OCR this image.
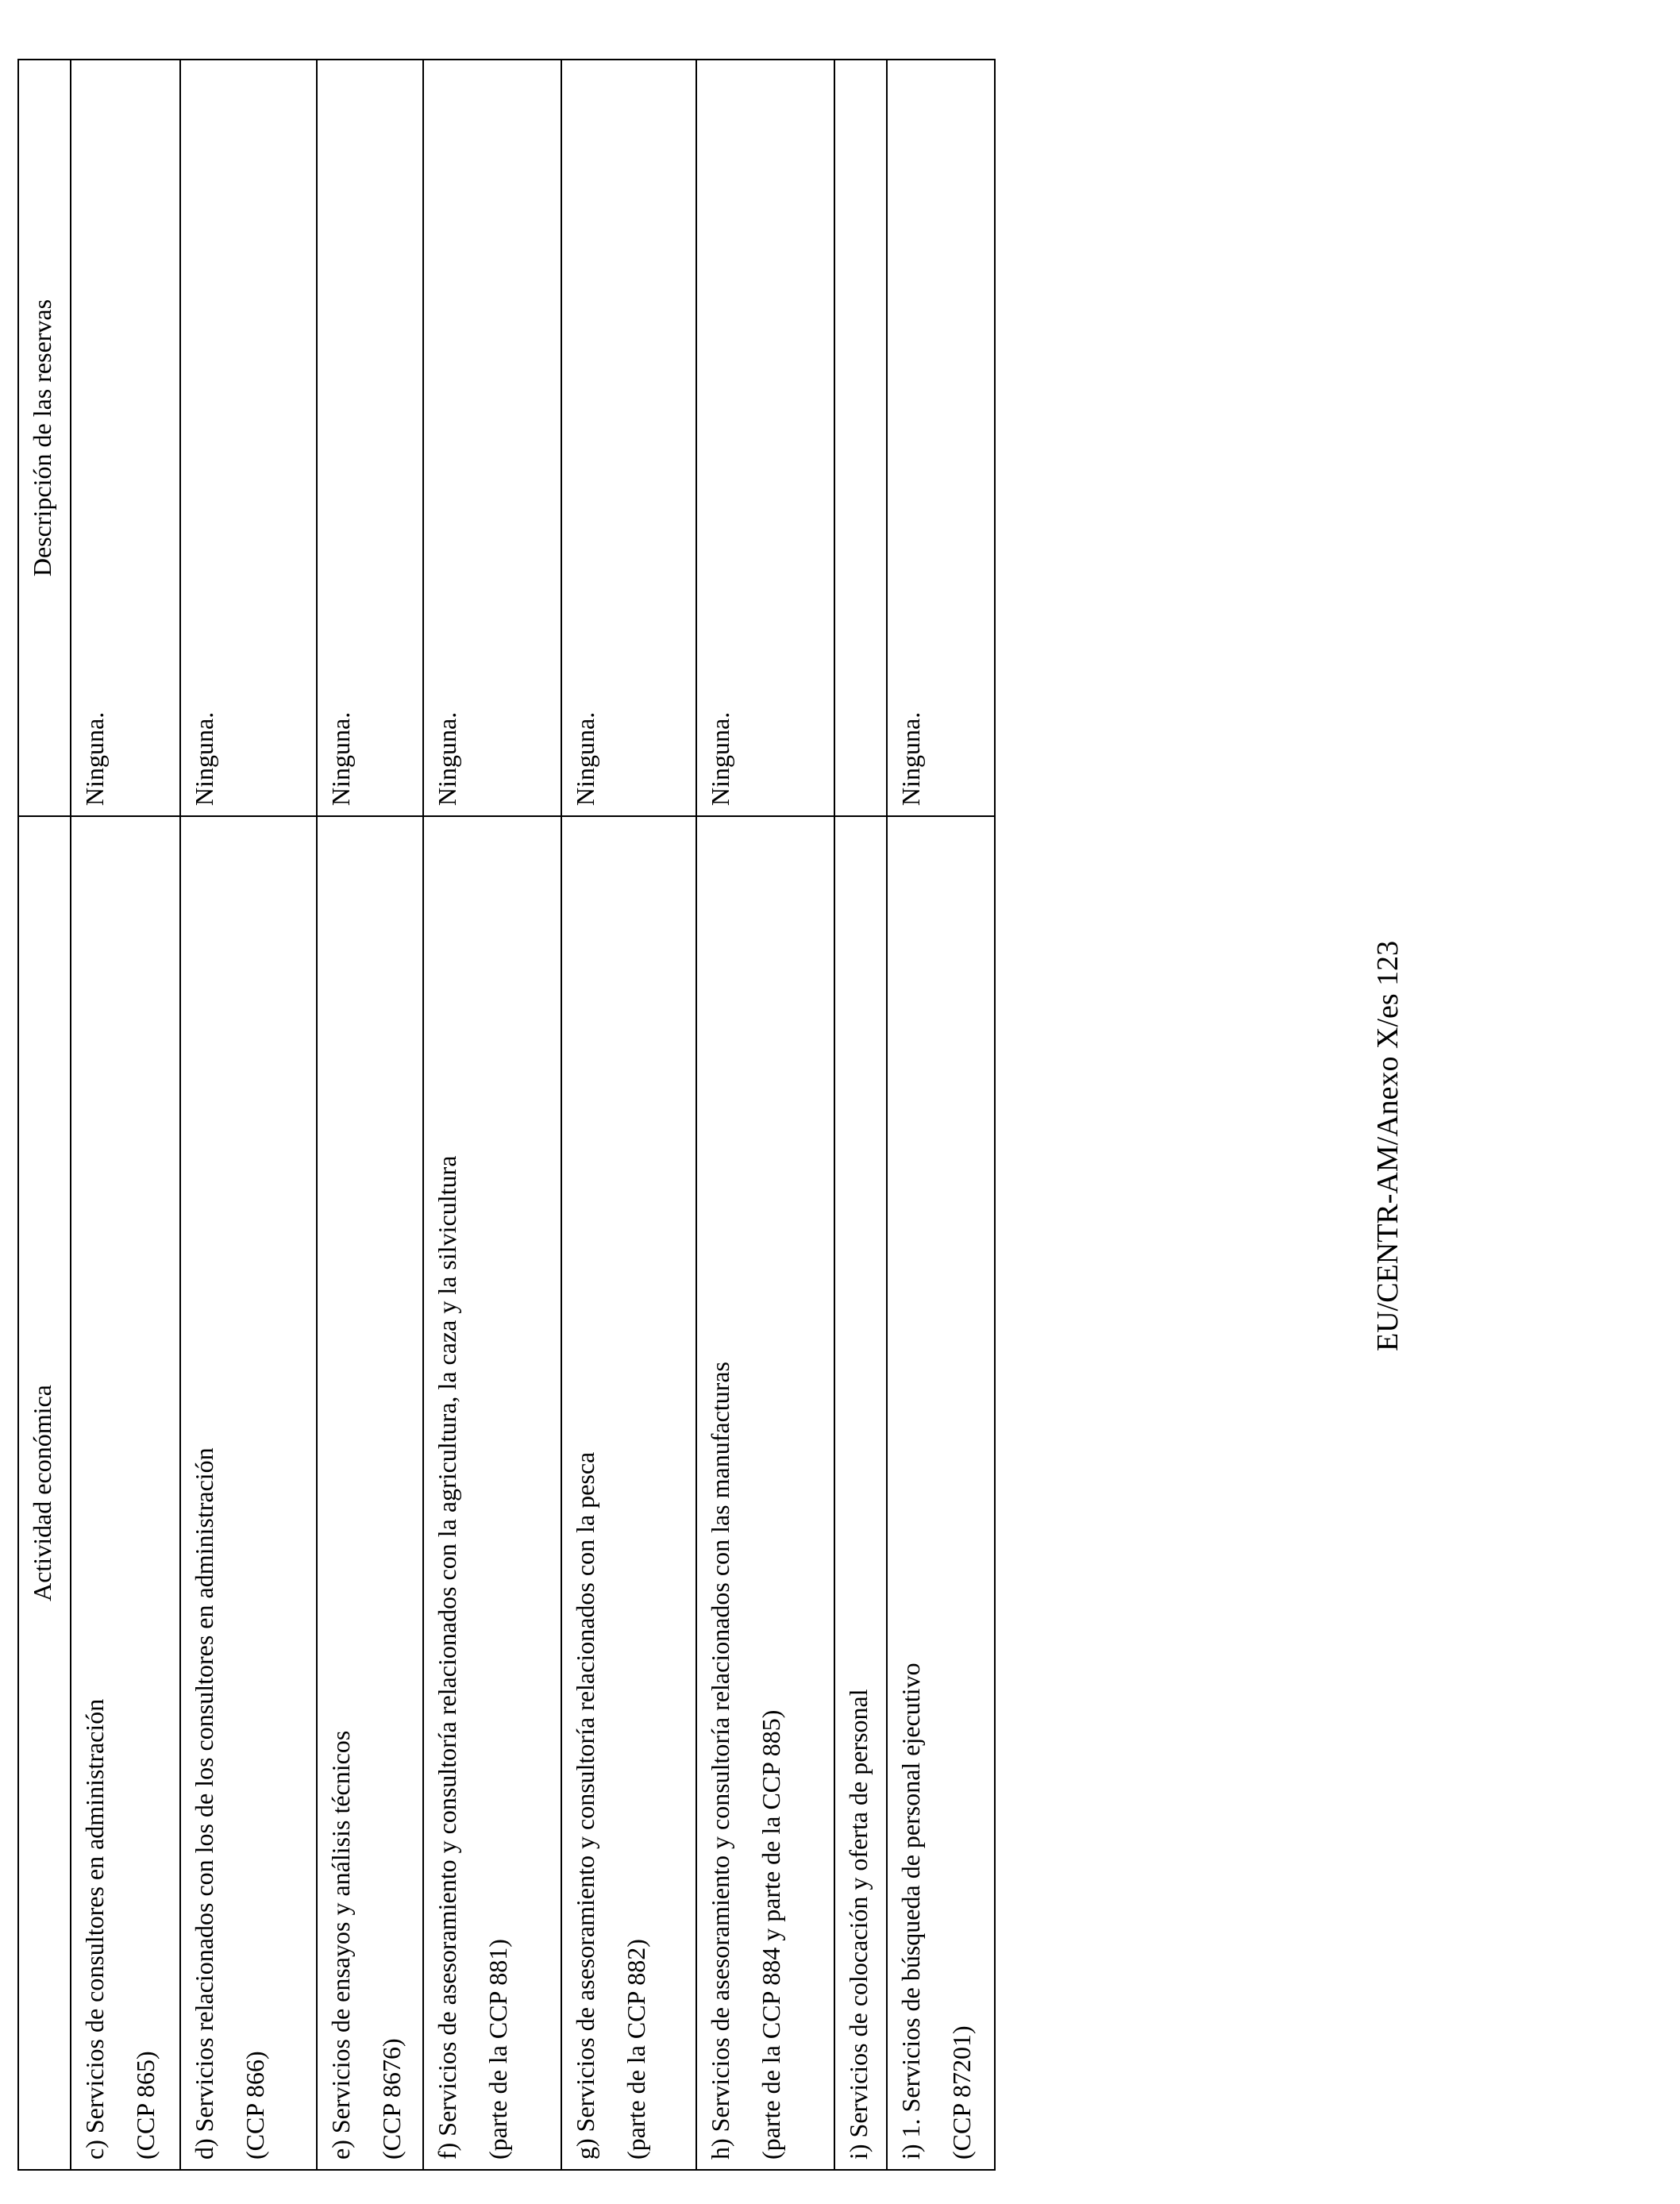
Actividad económica	Descripción de las reservas

c) Servicios de consultores en administración (CCP 865)	Ninguna.

d) Servicios relacionados con los de los consultores en administración (CCP 866)	Ninguna.

e) Servicios de ensayos y análisis técnicos (CCP 8676)	Ninguna.

f) Servicios de asesoramiento y consultoría relacionados con la agricultura, la caza y la silvicultura (parte de la CCP 881)	Ninguna.

g) Servicios de asesoramiento y consultoría relacionados con la pesca (parte de la CCP 882)	Ninguna.

h) Servicios de asesoramiento y consultoría relacionados con las manufacturas (parte de la CCP 884 y parte de la CCP 885)	Ninguna.

i) Servicios de colocación y oferta de personal	

i) 1. Servicios de búsqueda de personal ejecutivo (CCP 87201)	Ninguna.
EU/CENTR-AM/Anexo X/es 123
